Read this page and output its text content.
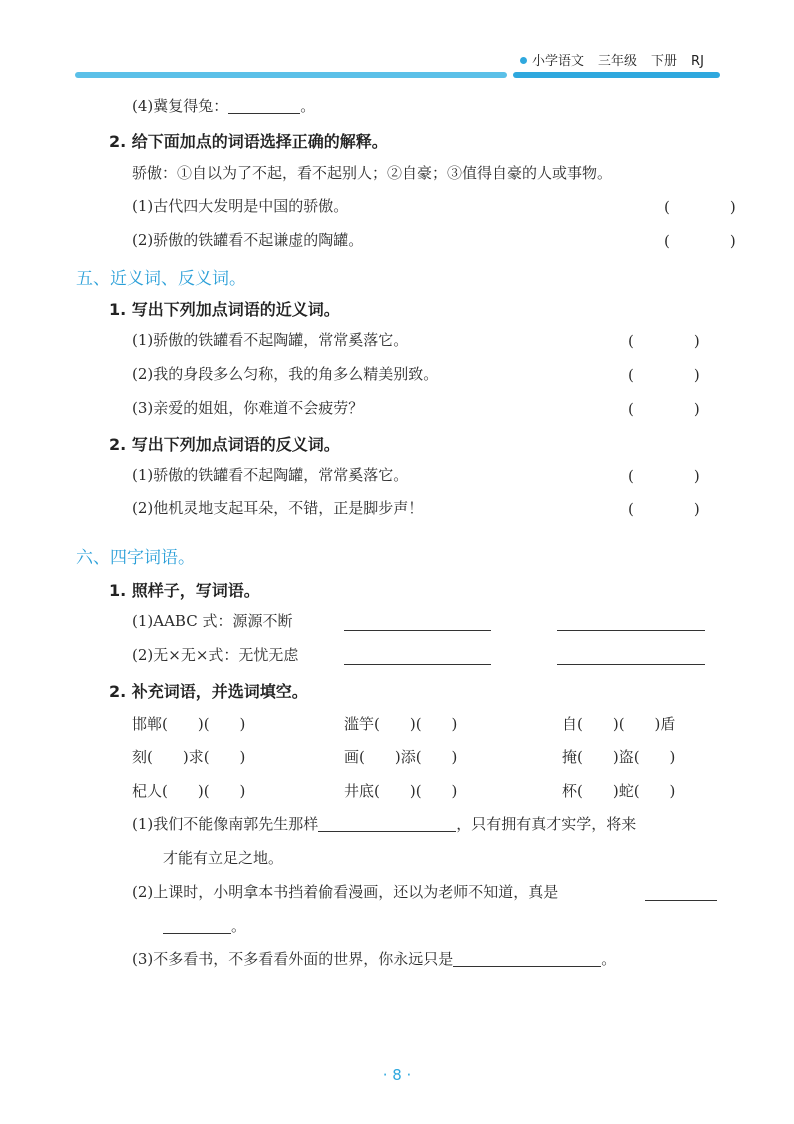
小学语文 三年级 下册 RJ
(4)冀复得兔：	。
2. 给下面加点的词语选择正确的解释。
骄傲：①自以为了不起，看不起别人；②自豪；③值得自豪的人或事物。
(1)古代四大发明是中国的骄傲。	(　　　　)
(2)骄傲的铁罐看不起谦虚的陶罐。	(　　　　)
五、近义词、反义词。
1. 写出下列加点词语的近义词。
(1)骄傲的铁罐看不起陶罐，常常奚落它。	(　　　　)
(2)我的身段多么匀称，我的角多么精美别致。	(　　　　)
(3)亲爱的姐姐，你难道不会疲劳？	(　　　　)
2. 写出下列加点词语的反义词。
(1)骄傲的铁罐看不起陶罐，常常奚落它。	(　　　　)
(2)他机灵地支起耳朵，不错，正是脚步声！	(　　　　)
六、四字词语。
1. 照样子，写词语。
(1)AABC 式：源源不断
(2)无×无×式：无忧无虑
2. 补充词语，并选词填空。
邯郸(　　)(　　)	滥竽(　　)(　　)	自(　　)(　　)盾
刻(　　)求(　　)	画(　　)添(　　)	掩(　　)盗(　　)
杞人(　　)(　　)	井底(　　)(　　)	杯(　　)蛇(　　)
(1)我们不能像南郭先生那样	，只有拥有真才实学，将来
才能有立足之地。
(2)上课时，小明拿本书挡着偷看漫画，还以为老师不知道，真是
。
(3)不多看书，不多看看外面的世界，你永远只是	。
· 8 ·
